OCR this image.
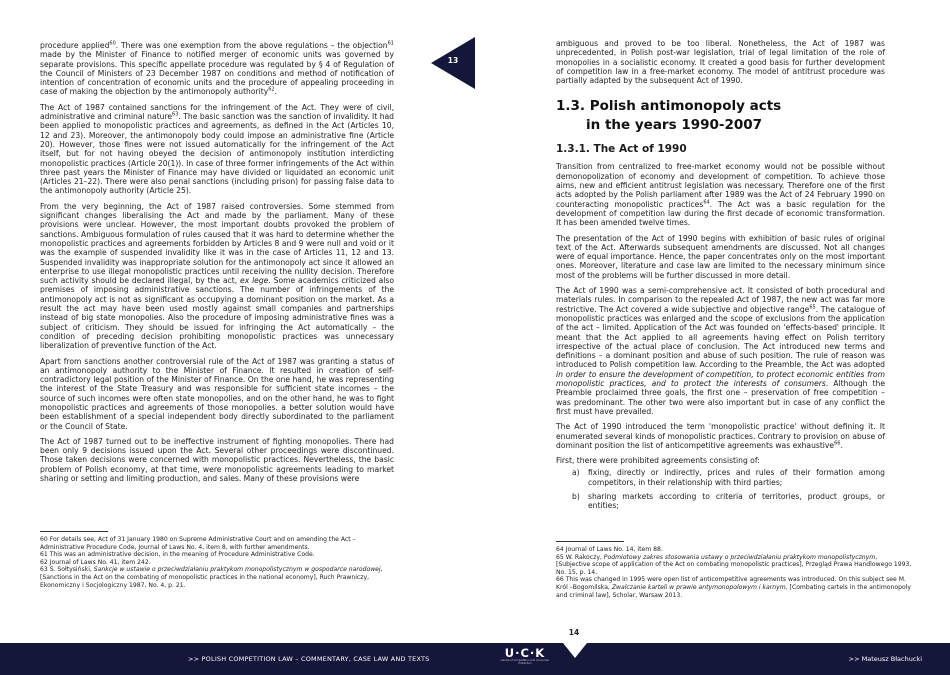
procedure applied$^{60}$. There was one exemption from the above regulations – the objection$^{61}$ made by the Minister of Finance to notified merger of economic units was governed by separate provisions. This specific appellate procedure was regulated by § 4 of Regulation of the Council of Ministers of 23 December 1987 on conditions and method of notification of intention of concentration of economic units and the procedure of appealing proceeding in case of making the objection by the antimonopoly authority$^{62}$.

The Act of 1987 contained sanctions for the infringement of the Act. They were of civil, administrative and criminal nature$^{63}$. The basic sanction was the sanction of invalidity. It had been applied to monopolistic practices and agreements, as defined in the Act (Articles 10, 12 and 23). Moreover, the antimonopoly body could impose an administrative fine (Article 20). However, those fines were not issued automatically for the infringement of the Act itself, but for not having obeyed the decision of antimonopoly institution interdicting monopolistic practices (Article 20(1)). In case of three former infringements of the Act within three past years the Minister of Finance may have divided or liquidated an economic unit (Articles 21–22). There were also penal sanctions (including prison) for passing false data to the antimonopoly authority (Article 25).

From the very beginning, the Act of 1987 raised controversies. Some stemmed from significant changes liberalising the Act and made by the parliament. Many of these provisions were unclear. However, the most important doubts provoked the problem of sanctions. Ambiguous formulation of rules caused that it was hard to determine whether the monopolistic practices and agreements forbidden by Articles 8 and 9 were null and void or it was the example of suspended invalidity like it was in the case of Articles 11, 12 and 13. Suspended invalidity was inappropriate solution for the antimonopoly act since it allowed an enterprise to use illegal monopolistic practices until receiving the nullity decision. Therefore such activity should be declared illegal, by the act, ex lege. Some academics criticized also premises of imposing administrative sanctions. The number of infringements of the antimonopoly act is not as significant as occupying a dominant position on the market. As a result the act may have been used mostly against small companies and partnerships instead of big state monopolies. Also the procedure of imposing administrative fines was a subject of criticism. They should be issued for infringing the Act automatically – the condition of preceding decision prohibiting monopolistic practices was unnecessary liberalization of preventive function of the Act.

Apart from sanctions another controversial rule of the Act of 1987 was granting a status of an antimonopoly authority to the Minister of Finance. It resulted in creation of self-contradictory legal position of the Minister of Finance. On the one hand, he was representing the interest of the State Treasury and was responsible for sufficient state incomes – the source of such incomes were often state monopolies, and on the other hand, he was to fight monopolistic practices and agreements of those monopolies. a better solution would have been establishment of a special independent body directly subordinated to the parliament or the Council of State.

The Act of 1987 turned out to be ineffective instrument of fighting monopolies. There had been only 9 decisions issued upon the Act. Several other proceedings were discontinued. Those taken decisions were concerned with monopolistic practices. Nevertheless, the basic problem of Polish economy, at that time, were monopolistic agreements leading to market sharing or setting and limiting production, and sales. Many of these provisions were

60 For details see, Act of 31 January 1980 on Supreme Administrative Court and on amending the Act – Administrative Procedure Code, Journal of Laws No. 4, item 8, with further amendments.

61 This was an administrative decision, in the meaning of Procedure Administrative Code.

62 Journal of Laws No. 41, item 242.

63 S. Sołtysiński, Sankcje w ustawie o przeciwdziałaniu praktykom monopolistycznym w gospodarce narodowej, [Sanctions in the Act on the combating of monopolistic practices in the national economy], Ruch Prawniczy, Ekonomiczny i Socjologiczny 1987, No. 4, p. 21.

13

ambiguous and proved to be too liberal. Nonetheless, the Act of 1987 was unprecedented, in Polish post-war legislation, trial of legal limitation of the role of monopolies in a socialistic economy. It created a good basis for further development of competition law in a free-market economy. The model of antitrust procedure was partially adapted by the subsequent Act of 1990.

1.3. Polish antimonopoly acts
in the years 1990-2007
1.3.1. The Act of 1990

Transition from centralized to free-market economy would not be possible without demonopolization of economy and development of competition. To achieve those aims, new and efficient antitrust legislation was necessary. Therefore one of the first acts adopted by the Polish parliament after 1989 was the Act of 24 February 1990 on counteracting monopolistic practices$^{64}$. The Act was a basic regulation for the development of competition law during the first decade of economic transformation. It has been amended twelve times.

The presentation of the Act of 1990 begins with exhibition of basic rules of original text of the Act. Afterwards subsequent amendments are discussed. Not all changes were of equal importance. Hence, the paper concentrates only on the most important ones. Moreover, literature and case law are limited to the necessary minimum since most of the problems will be further discussed in more detail.

The Act of 1990 was a semi-comprehensive act. It consisted of both procedural and materials rules. In comparison to the repealed Act of 1987, the new act was far more restrictive. The Act covered a wide subjective and objective range$^{65}$. The catalogue of monopolistic practices was enlarged and the scope of exclusions from the application of the act – limited. Application of the Act was founded on 'effects-based' principle. It meant that the Act applied to all agreements having effect on Polish territory irrespective of the actual place of conclusion. The Act introduced new terms and definitions – a dominant position and abuse of such position. The rule of reason was introduced to Polish competition law. According to the Preamble, the Act was adopted in order to ensure the development of competition, to protect economic entities from monopolistic practices, and to protect the interests of consumers. Although the Preamble proclaimed three goals, the first one – preservation of free competition – was predominant. The other two were also important but in case of any conflict the first must have prevailed.

The Act of 1990 introduced the term 'monopolistic practice' without defining it. It enumerated several kinds of monopolistic practices. Contrary to provision on abuse of dominant position the list of anticompetitive agreements was exhaustive$^{66}$.

First, there were prohibited agreements consisting of:

a) fixing, directly or indirectly, prices and rules of their formation among competitors, in their relationship with third parties;
b) sharing markets according to criteria of territories, product groups, or entities;

64 Journal of Laws No. 14, item 88.

65 W. Rakoczy, Podmiotowy zakres stosowania ustawy o przeciwdziałaniu praktykom monopolistycznym, [Subjective scope of application of the Act on combating monopolistic practices], Przegląd Prawa Handlowego 1993, No. 15, p. 14.

66 This was changed in 1995 were open list of anticompetitive agreements was introduced. On this subject see M. Król –Bogomilska, Zwalczanie karteli w prawie antymonopolowym i karnym, [Combating cartels in the antimonopoly and criminal law], Scholar, Warsaw 2013.

14
>> POLISH COMPETITION LAW – COMMENTARY, CASE LAW AND TEXTS	U·C·K
Centre of Competition and Consumer Protection
>> Mateusz Błachucki
